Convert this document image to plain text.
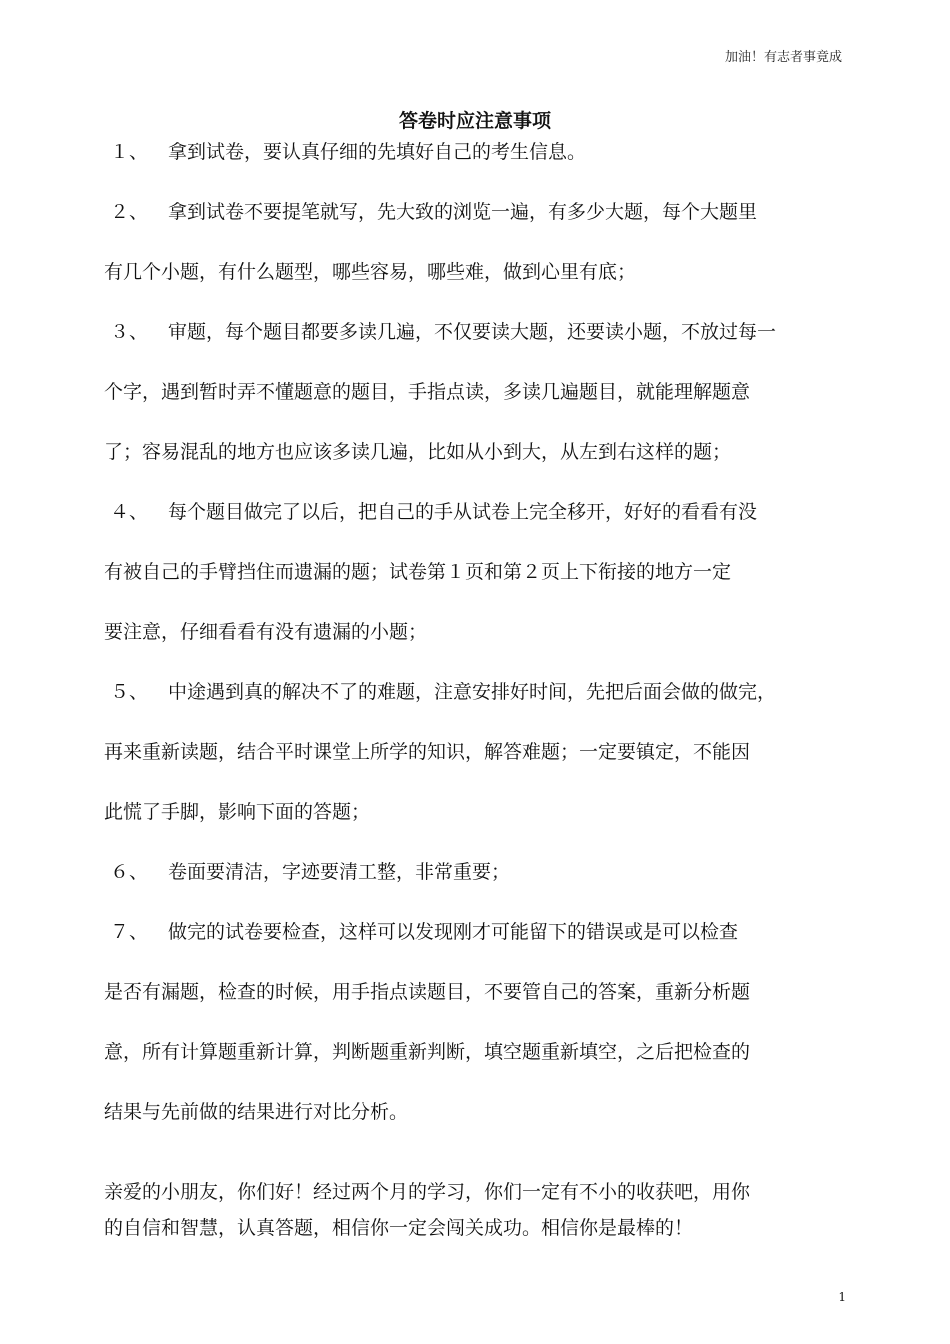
加油！有志者事竟成
答卷时应注意事项
１、 拿到试卷，要认真仔细的先填好自己的考生信息。
２、 拿到试卷不要提笔就写，先大致的浏览一遍，有多少大题，每个大题里
有几个小题，有什么题型，哪些容易，哪些难，做到心里有底；
３、 审题，每个题目都要多读几遍，不仅要读大题，还要读小题，不放过每一
个字，遇到暂时弄不懂题意的题目，手指点读，多读几遍题目，就能理解题意
了；容易混乱的地方也应该多读几遍，比如从小到大，从左到右这样的题；
４、 每个题目做完了以后，把自己的手从试卷上完全移开，好好的看看有没
有被自己的手臂挡住而遗漏的题；试卷第１页和第２页上下衔接的地方一定
要注意，仔细看看有没有遗漏的小题；
５、 中途遇到真的解决不了的难题，注意安排好时间，先把后面会做的做完，
再来重新读题，结合平时课堂上所学的知识，解答难题；一定要镇定，不能因
此慌了手脚，影响下面的答题；
６、 卷面要清洁，字迹要清工整，非常重要；
７、 做完的试卷要检查，这样可以发现刚才可能留下的错误或是可以检查
是否有漏题，检查的时候，用手指点读题目，不要管自己的答案，重新分析题
意，所有计算题重新计算，判断题重新判断，填空题重新填空，之后把检查的
结果与先前做的结果进行对比分析。
亲爱的小朋友，你们好！经过两个月的学习，你们一定有不小的收获吧，用你
的自信和智慧，认真答题，相信你一定会闯关成功。相信你是最棒的！
1
